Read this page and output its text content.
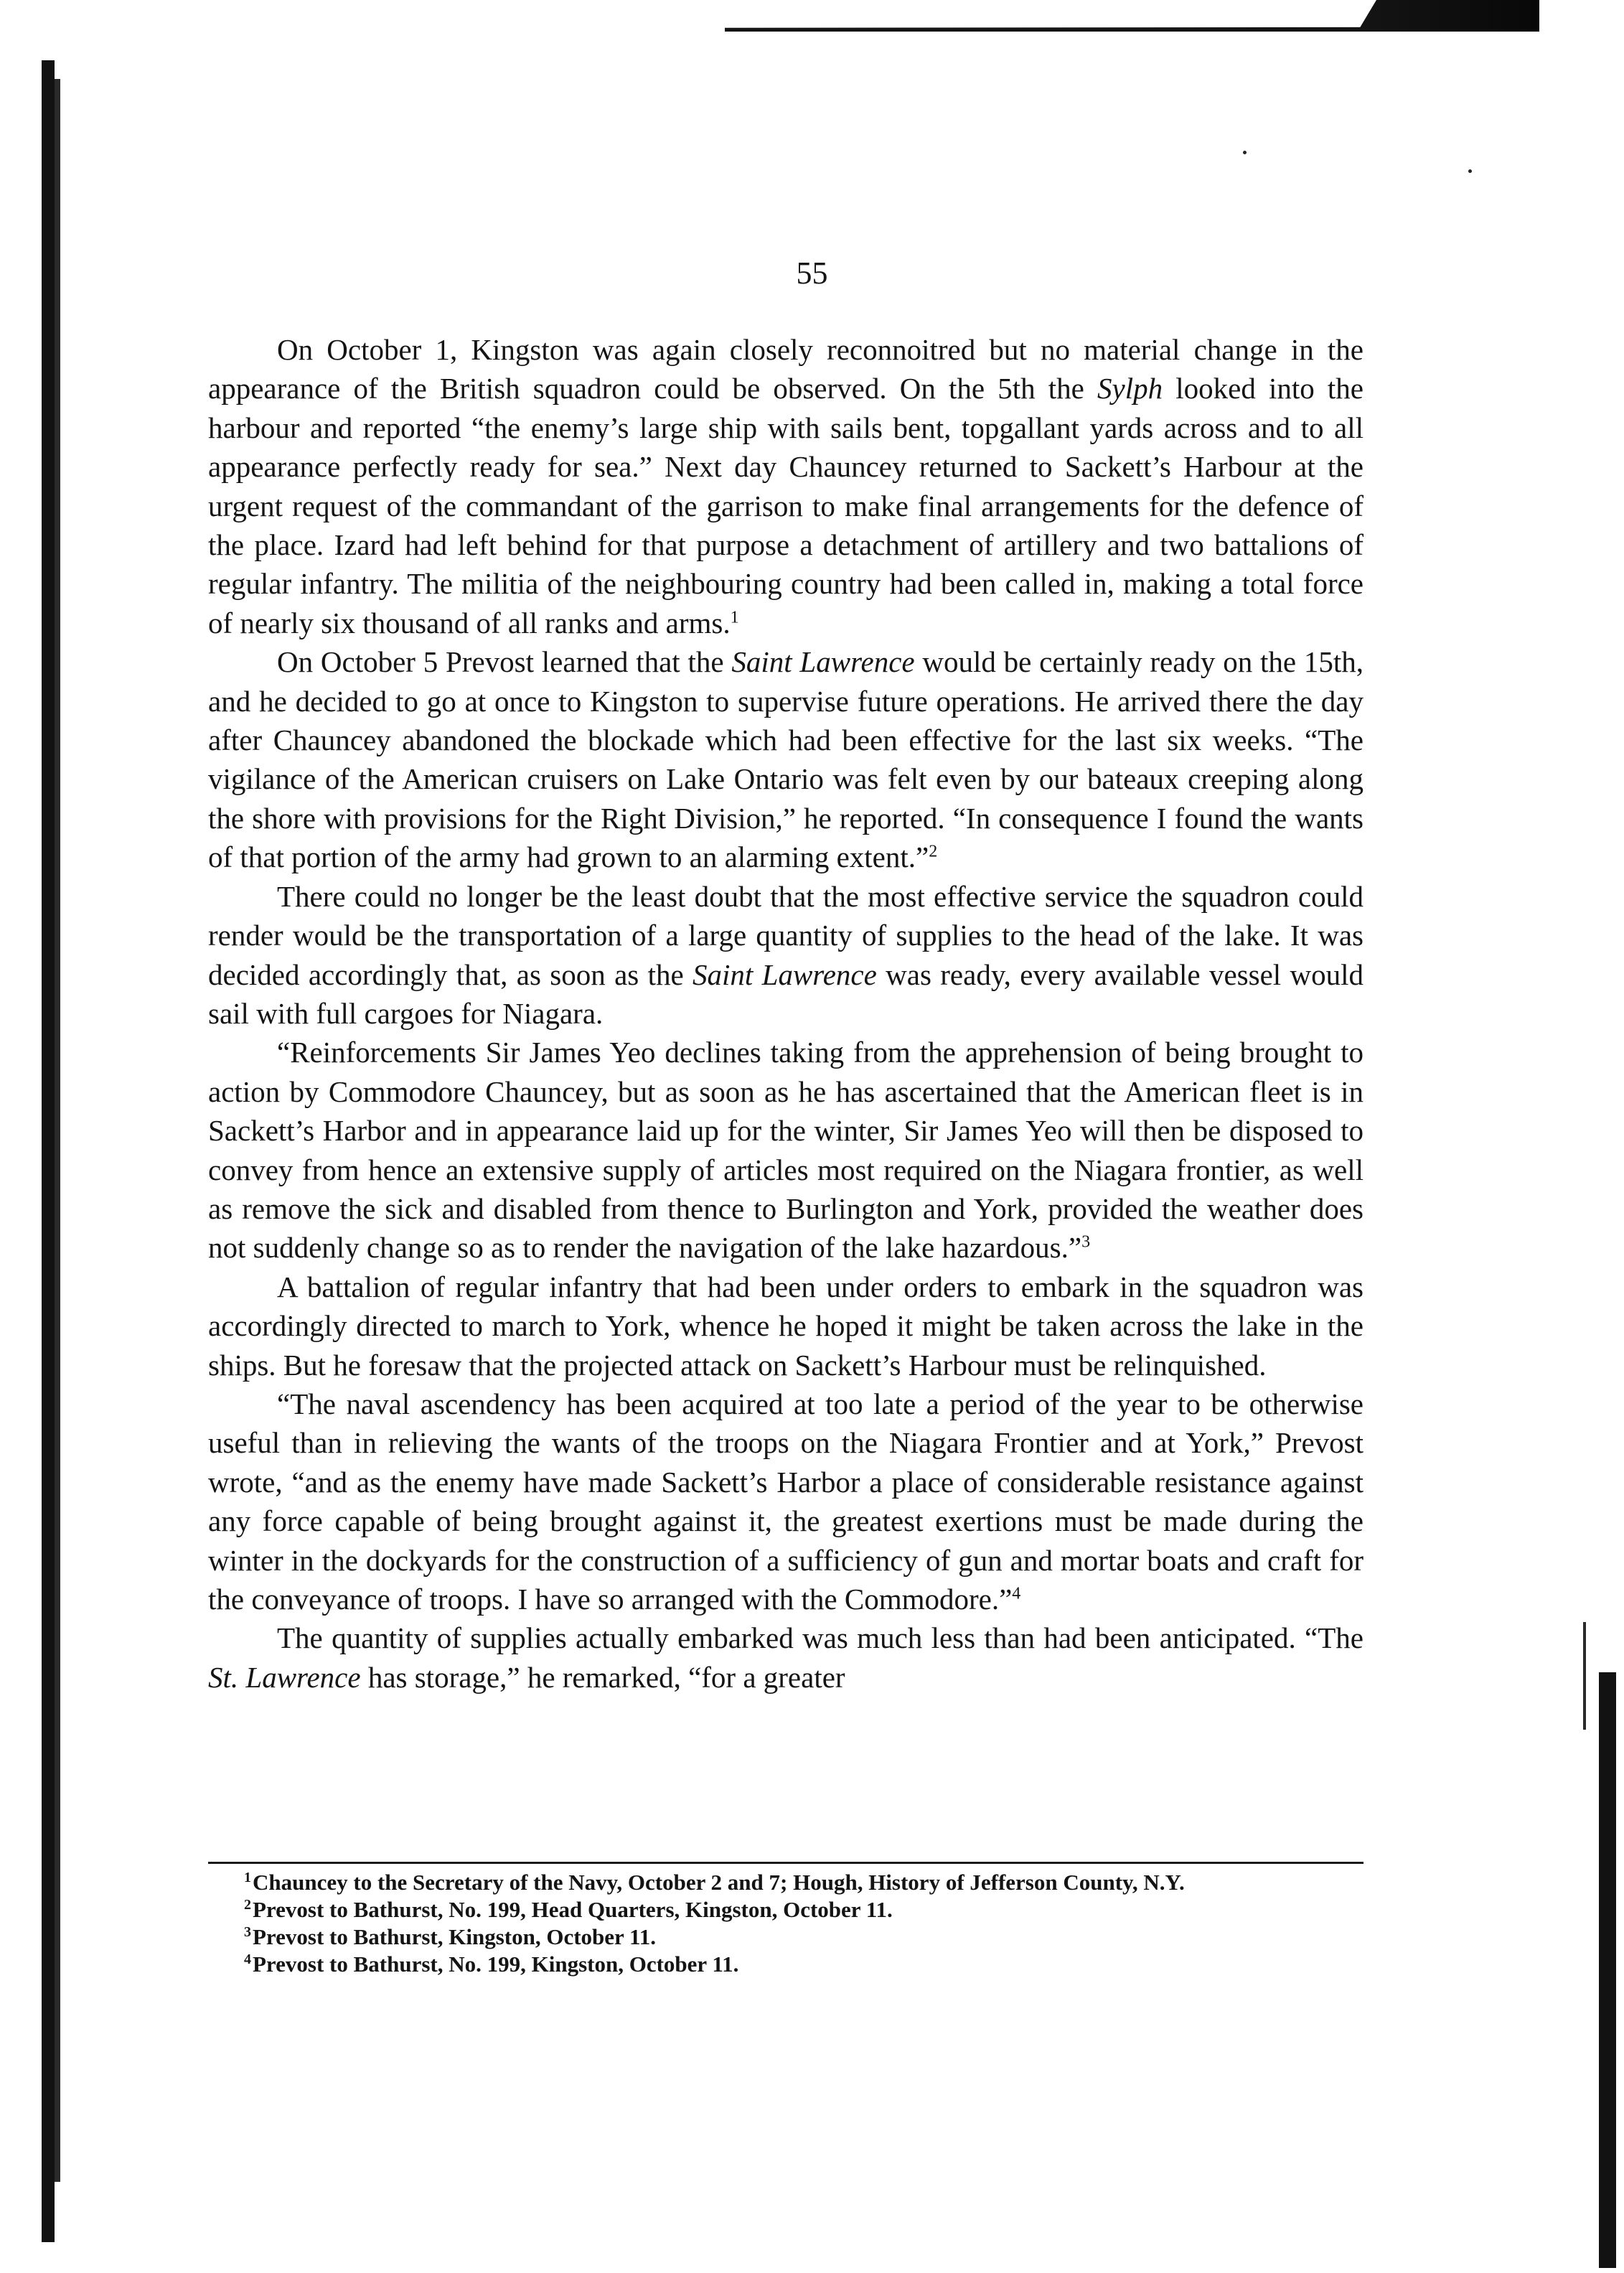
55

On October 1, Kingston was again closely reconnoitred but no material change in the appearance of the British squadron could be observed. On the 5th the Sylph looked into the harbour and reported “the enemy’s large ship with sails bent, topgallant yards across and to all appearance perfectly ready for sea.” Next day Chauncey returned to Sackett’s Harbour at the urgent request of the commandant of the garrison to make final arrangements for the defence of the place. Izard had left behind for that purpose a detachment of artillery and two battalions of regular infantry. The militia of the neighbouring country had been called in, making a total force of nearly six thousand of all ranks and arms.$^1$

On October 5 Prevost learned that the Saint Lawrence would be certainly ready on the 15th, and he decided to go at once to Kingston to supervise future operations. He arrived there the day after Chauncey abandoned the blockade which had been effective for the last six weeks. “The vigilance of the American cruisers on Lake Ontario was felt even by our bateaux creeping along the shore with provisions for the Right Division,” he reported. “In consequence I found the wants of that portion of the army had grown to an alarming extent.”$^2$

There could no longer be the least doubt that the most effective service the squadron could render would be the transportation of a large quantity of supplies to the head of the lake. It was decided accordingly that, as soon as the Saint Lawrence was ready, every available vessel would sail with full cargoes for Niagara.

“Reinforcements Sir James Yeo declines taking from the apprehension of being brought to action by Commodore Chauncey, but as soon as he has ascertained that the American fleet is in Sackett’s Harbor and in appearance laid up for the winter, Sir James Yeo will then be disposed to convey from hence an extensive supply of articles most required on the Niagara frontier, as well as remove the sick and disabled from thence to Burlington and York, provided the weather does not suddenly change so as to render the navigation of the lake hazardous.”$^3$

A battalion of regular infantry that had been under orders to embark in the squadron was accordingly directed to march to York, whence he hoped it might be taken across the lake in the ships. But he foresaw that the projected attack on Sackett’s Harbour must be relinquished.

“The naval ascendency has been acquired at too late a period of the year to be otherwise useful than in relieving the wants of the troops on the Niagara Frontier and at York,” Prevost wrote, “and as the enemy have made Sackett’s Harbor a place of considerable resistance against any force capable of being brought against it, the greatest exertions must be made during the winter in the dockyards for the construction of a sufficiency of gun and mortar boats and craft for the conveyance of troops. I have so arranged with the Commodore.”$^4$

The quantity of supplies actually embarked was much less than had been anticipated. “The St. Lawrence has storage,” he remarked, “for a greater

1Chauncey to the Secretary of the Navy, October 2 and 7; Hough, History of Jefferson County, N.Y.

2Prevost to Bathurst, No. 199, Head Quarters, Kingston, October 11.

3Prevost to Bathurst, Kingston, October 11.

4Prevost to Bathurst, No. 199, Kingston, October 11.
